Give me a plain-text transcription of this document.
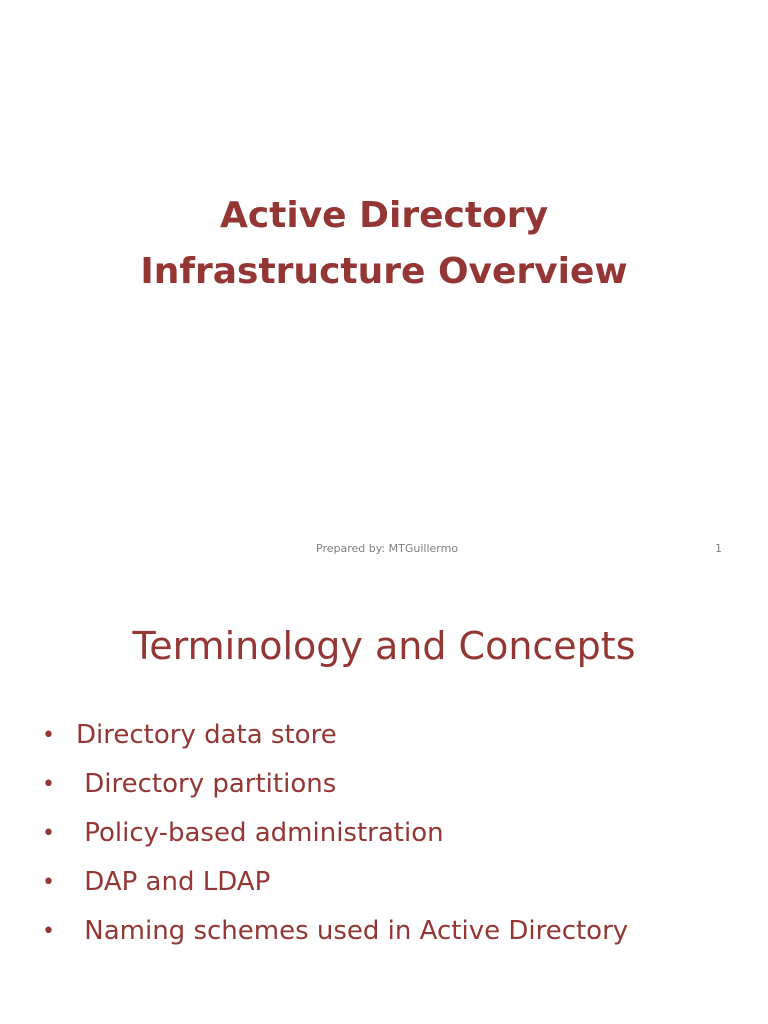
Active Directory
Infrastructure Overview
Prepared by: MTGuillermo	1
Terminology and Concepts
• Directory data store
• Directory partitions
• Policy-based administration
• DAP and LDAP
• Naming schemes used in Active Directory
